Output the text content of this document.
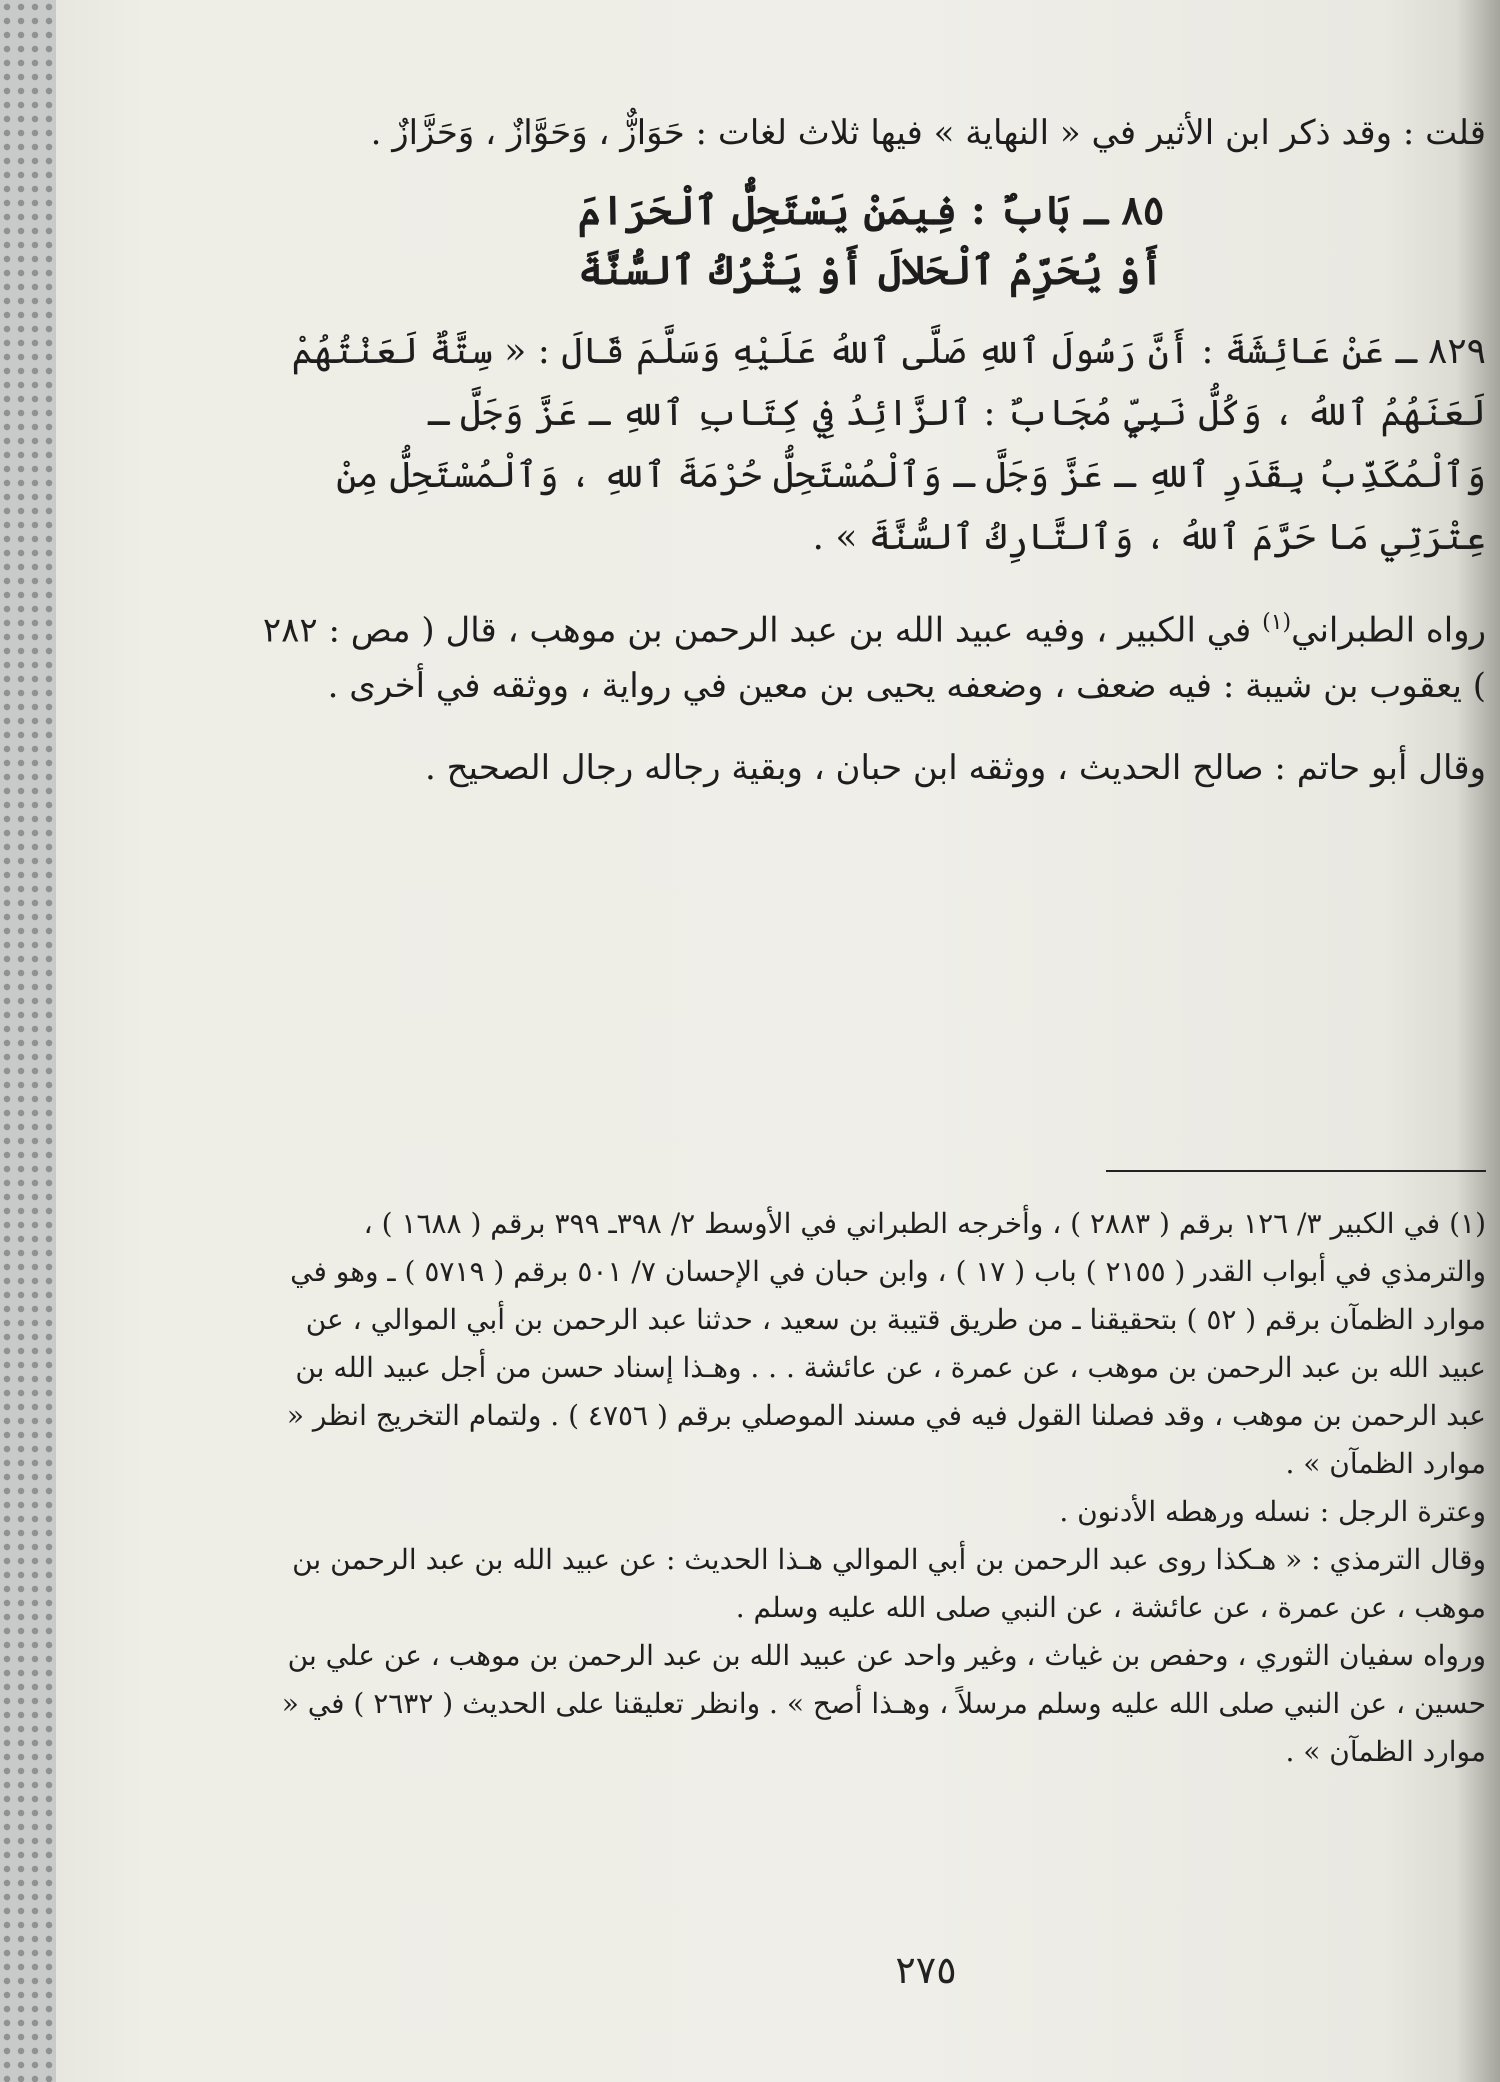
قلت : وقد ذكر ابن الأثير في « النهاية » فيها ثلاث لغات : حَوَازٌّ ، وَحَوَّازٌ ، وَحَزَّازٌ .

٨٥ ـ بَابٌ : فِيمَنْ يَسْتَحِلُّ ٱلْحَرَامَ

أَوْ يُحَرِّمُ ٱلْحَلالَ أَوْ يَتْرُكُ ٱلسُّنَّةَ

٨٢٩ ـ عَنْ عَائِشَةَ : أَنَّ رَسُولَ ٱللهِ صَلَّى ٱللهُ عَلَيْهِ وَسَلَّمَ قَالَ : « سِتَّةٌ لَعَنْتُهُمْ لَعَنَهُمُ ٱللهُ ، وَكُلُّ نَبِيٍّ مُجَابٌ : ٱلزَّائِدُ فِي كِتَابِ ٱللهِ ـ عَزَّ وَجَلَّ ـ وَٱلْمُكَذِّبُ بِقَدَرِ ٱللهِ ـ عَزَّ وَجَلَّ ـ وَٱلْمُسْتَحِلُّ حُرْمَةَ ٱللهِ ، وَٱلْمُسْتَحِلُّ مِنْ عِتْرَتِي مَا حَرَّمَ ٱللهُ ، وَٱلتَّارِكُ ٱلسُّنَّةَ » .

رواه الطبراني$^{(١)}$ في الكبير ، وفيه عبيد الله بن عبد الرحمن بن موهب ، قال ( مص : ٢٨٢ ) يعقوب بن شيبة : فيه ضعف ، وضعفه يحيى بن معين في رواية ، ووثقه في أخرى .

وقال أبو حاتم : صالح الحديث ، ووثقه ابن حبان ، وبقية رجاله رجال الصحيح .

(١) في الكبير ٣/ ١٢٦ برقم ( ٢٨٨٣ ) ، وأخرجه الطبراني في الأوسط ٢/ ٣٩٨ـ ٣٩٩ برقم ( ١٦٨٨ ) ، والترمذي في أبواب القدر ( ٢١٥٥ ) باب ( ١٧ ) ، وابن حبان في الإحسان ٧/ ٥٠١ برقم ( ٥٧١٩ ) ـ وهو في موارد الظمآن برقم ( ٥٢ ) بتحقيقنا ـ من طريق قتيبة بن سعيد ، حدثنا عبد الرحمن بن أبي الموالي ، عن عبيد الله بن عبد الرحمن بن موهب ، عن عمرة ، عن عائشة . . . وهـذا إسناد حسن من أجل عبيد الله بن عبد الرحمن بن موهب ، وقد فصلنا القول فيه في مسند الموصلي برقم ( ٤٧٥٦ ) . ولتمام التخريج انظر « موارد الظمآن » .

وعترة الرجل : نسله ورهطه الأدنون .

وقال الترمذي : « هـكذا روى عبد الرحمن بن أبي الموالي هـذا الحديث : عن عبيد الله بن عبد الرحمن بن موهب ، عن عمرة ، عن عائشة ، عن النبي صلى الله عليه وسلم .

ورواه سفيان الثوري ، وحفص بن غياث ، وغير واحد عن عبيد الله بن عبد الرحمن بن موهب ، عن علي بن حسين ، عن النبي صلى الله عليه وسلم مرسلاً ، وهـذا أصح » . وانظر تعليقنا على الحديث ( ٢٦٣٢ ) في « موارد الظمآن » .

٢٧٥
